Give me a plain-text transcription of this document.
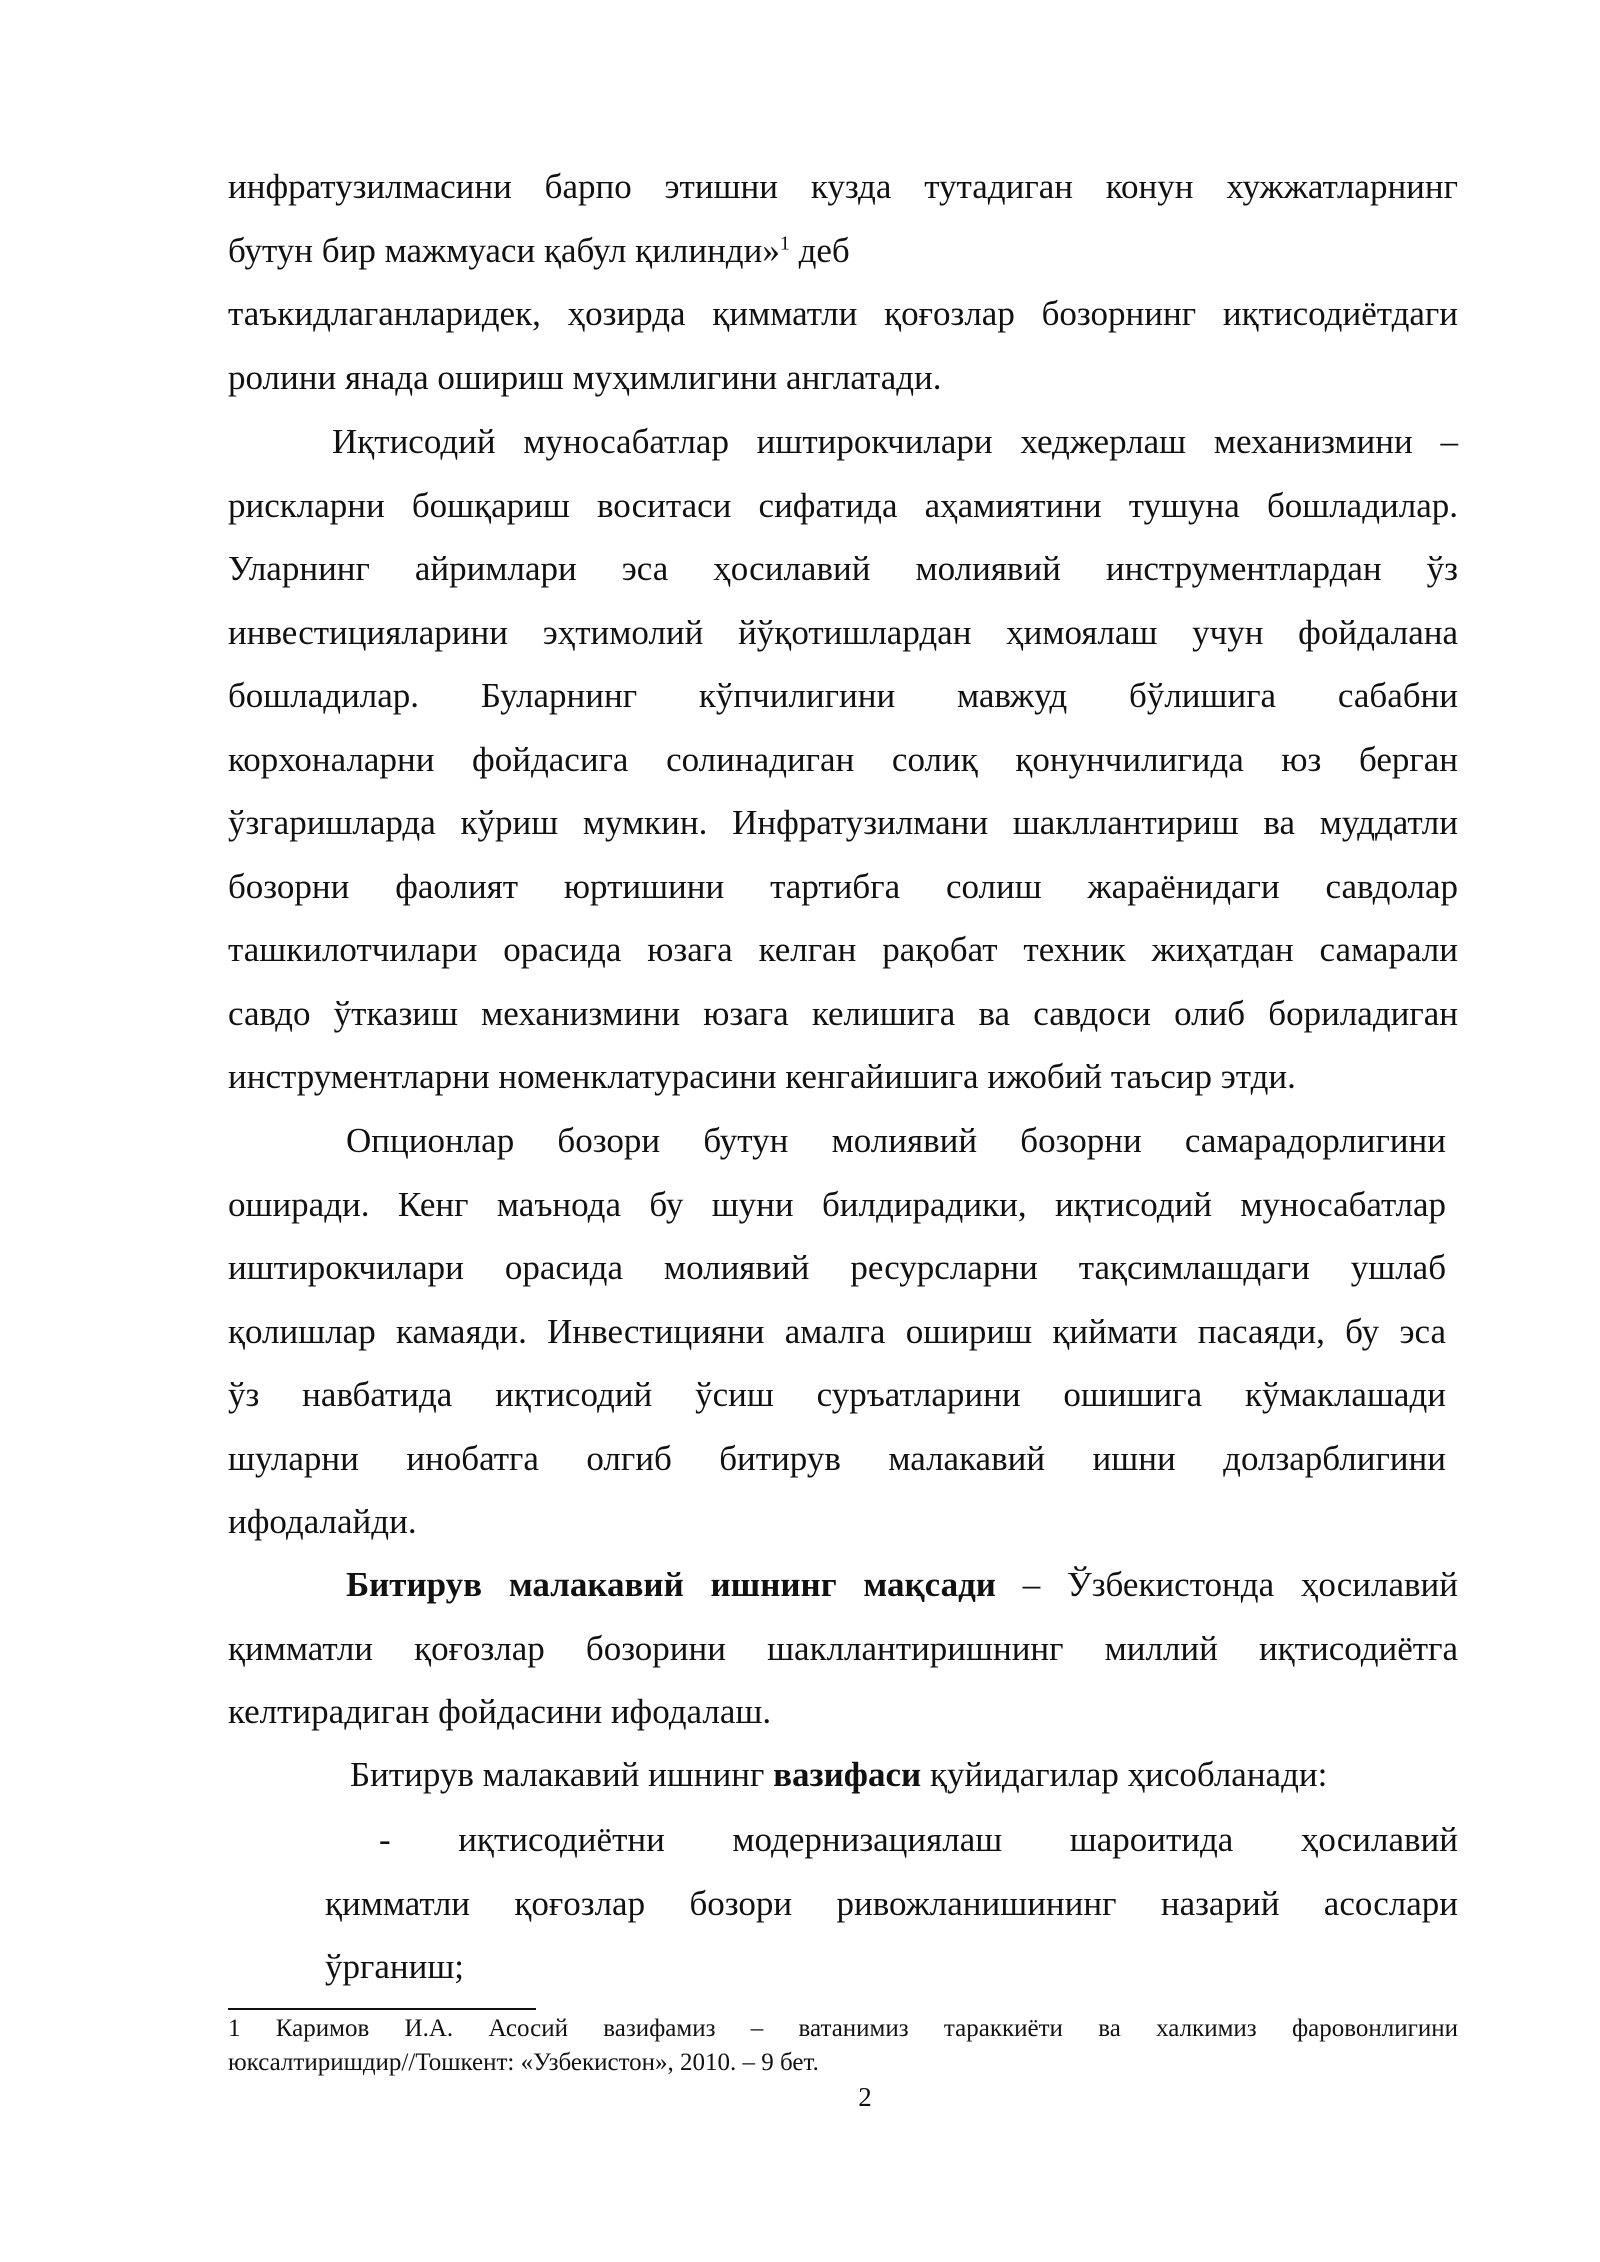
инфратузилмасини барпо этишни кузда тутадиган конун хужжатларнинг
бутун бир мажмуаси қабул қилинди»$^1$ деб
таъкидлаганларидек, ҳозирда қимматли қоғозлар бозорнинг иқтисодиётдаги
ролини янада ошириш муҳимлигини англатади.
Иқтисодий муносабатлар иштирокчилари хеджерлаш механизмини –
рискларни бошқариш воситаси сифатида аҳамиятини тушуна бошладилар.
Уларнинг айримлари эса ҳосилавий молиявий инструментлардан ўз
инвестицияларини эҳтимолий йўқотишлардан ҳимоялаш учун фойдалана
бошладилар. Буларнинг кўпчилигини мавжуд бўлишига сабабни
корхоналарни фойдасига солинадиган солиқ қонунчилигида юз берган
ўзгаришларда кўриш мумкин. Инфратузилмани шакллантириш ва муддатли
бозорни фаолият юртишини тартибга солиш жараёнидаги савдолар
ташкилотчилари орасида юзага келган рақобат техник жиҳатдан самарали
савдо ўтказиш механизмини юзага келишига ва савдоси олиб бориладиган
инструментларни номенклатурасини кенгайишига ижобий таъсир этди.
Опционлар бозори бутун молиявий бозорни самарадорлигини
оширади. Кенг маънода бу шуни билдирадики, иқтисодий муносабатлар
иштирокчилари орасида молиявий ресурсларни тақсимлашдаги ушлаб
қолишлар камаяди. Инвестицияни амалга ошириш қиймати пасаяди, бу эса
ўз навбатида иқтисодий ўсиш суръатларини ошишига кўмаклашади
шуларни инобатга олгиб битирув малакавий ишни долзарблигини
ифодалайди.
Битирув малакавий ишнинг мақсади – Ўзбекистонда ҳосилавий
қимматли қоғозлар бозорини шакллантиришнинг миллий иқтисодиётга
келтирадиган фойдасини ифодалаш.
Битирув малакавий ишнинг вазифаси қуйидагилар ҳисобланади:
- иқтисодиётни модернизациялаш шароитида ҳосилавий
қимматли қоғозлар бозори ривожланишининг назарий асослари
ўрганиш;
1 Каримов И.А. Асосий вазифамиз – ватанимиз тараккиёти ва халкимиз фаровонлигини
юксалтиришдир//Тошкент: «Узбекистон», 2010. – 9 бет.
2
